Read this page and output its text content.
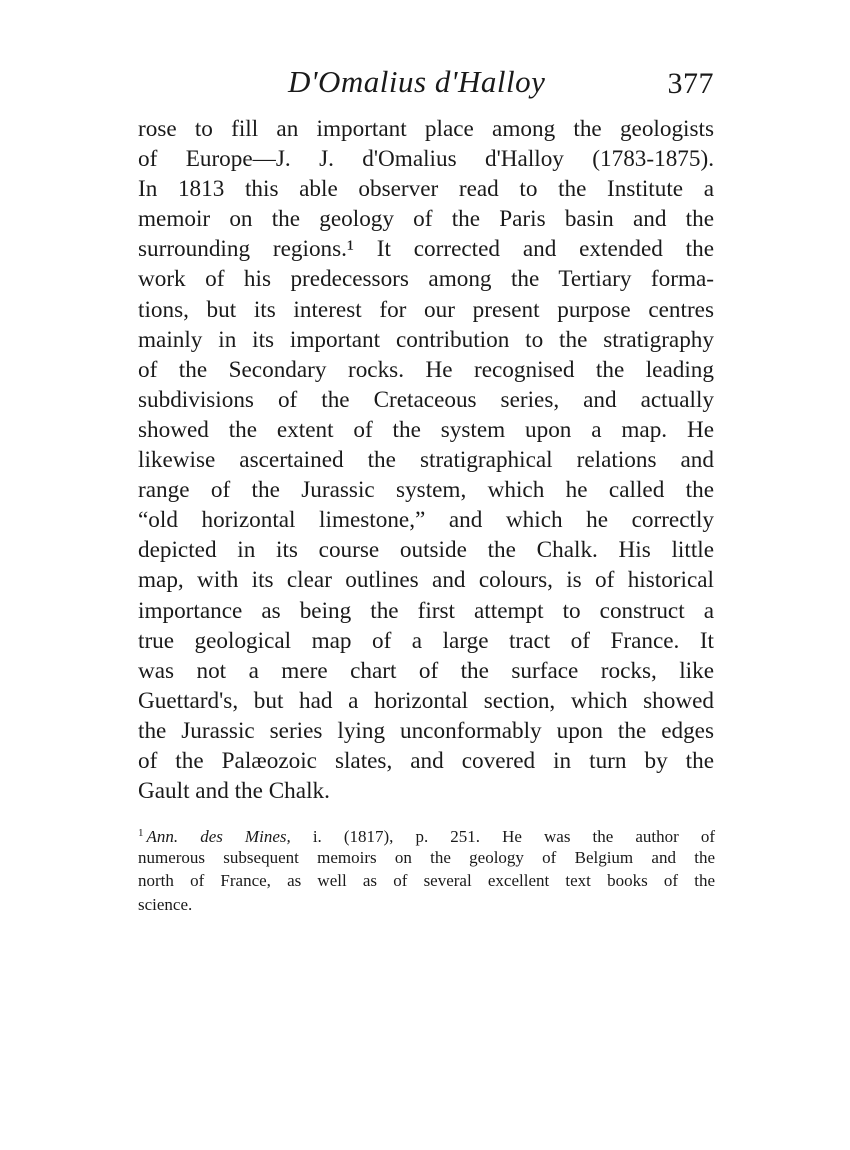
D'Omalius d'Halloy	377

rose to fill an important place among the geologists
of Europe—J. J. d'Omalius d'Halloy (1783-1875).
In 1813 this able observer read to the Institute a
memoir on the geology of the Paris basin and the
surrounding regions.¹ It corrected and extended the
work of his predecessors among the Tertiary forma-
tions, but its interest for our present purpose centres
mainly in its important contribution to the stratigraphy
of the Secondary rocks. He recognised the leading
subdivisions of the Cretaceous series, and actually
showed the extent of the system upon a map. He
likewise ascertained the stratigraphical relations and
range of the Jurassic system, which he called the
“old horizontal limestone,” and which he correctly
depicted in its course outside the Chalk. His little
map, with its clear outlines and colours, is of historical
importance as being the first attempt to construct a
true geological map of a large tract of France. It
was not a mere chart of the surface rocks, like
Guettard's, but had a horizontal section, which showed
the Jurassic series lying unconformably upon the edges
of the Palæozoic slates, and covered in turn by the
Gault and the Chalk.

$^1$ Ann. des Mines, i. (1817), p. 251. He was the author of
numerous subsequent memoirs on the geology of Belgium and the
north of France, as well as of several excellent text books of the
science.
